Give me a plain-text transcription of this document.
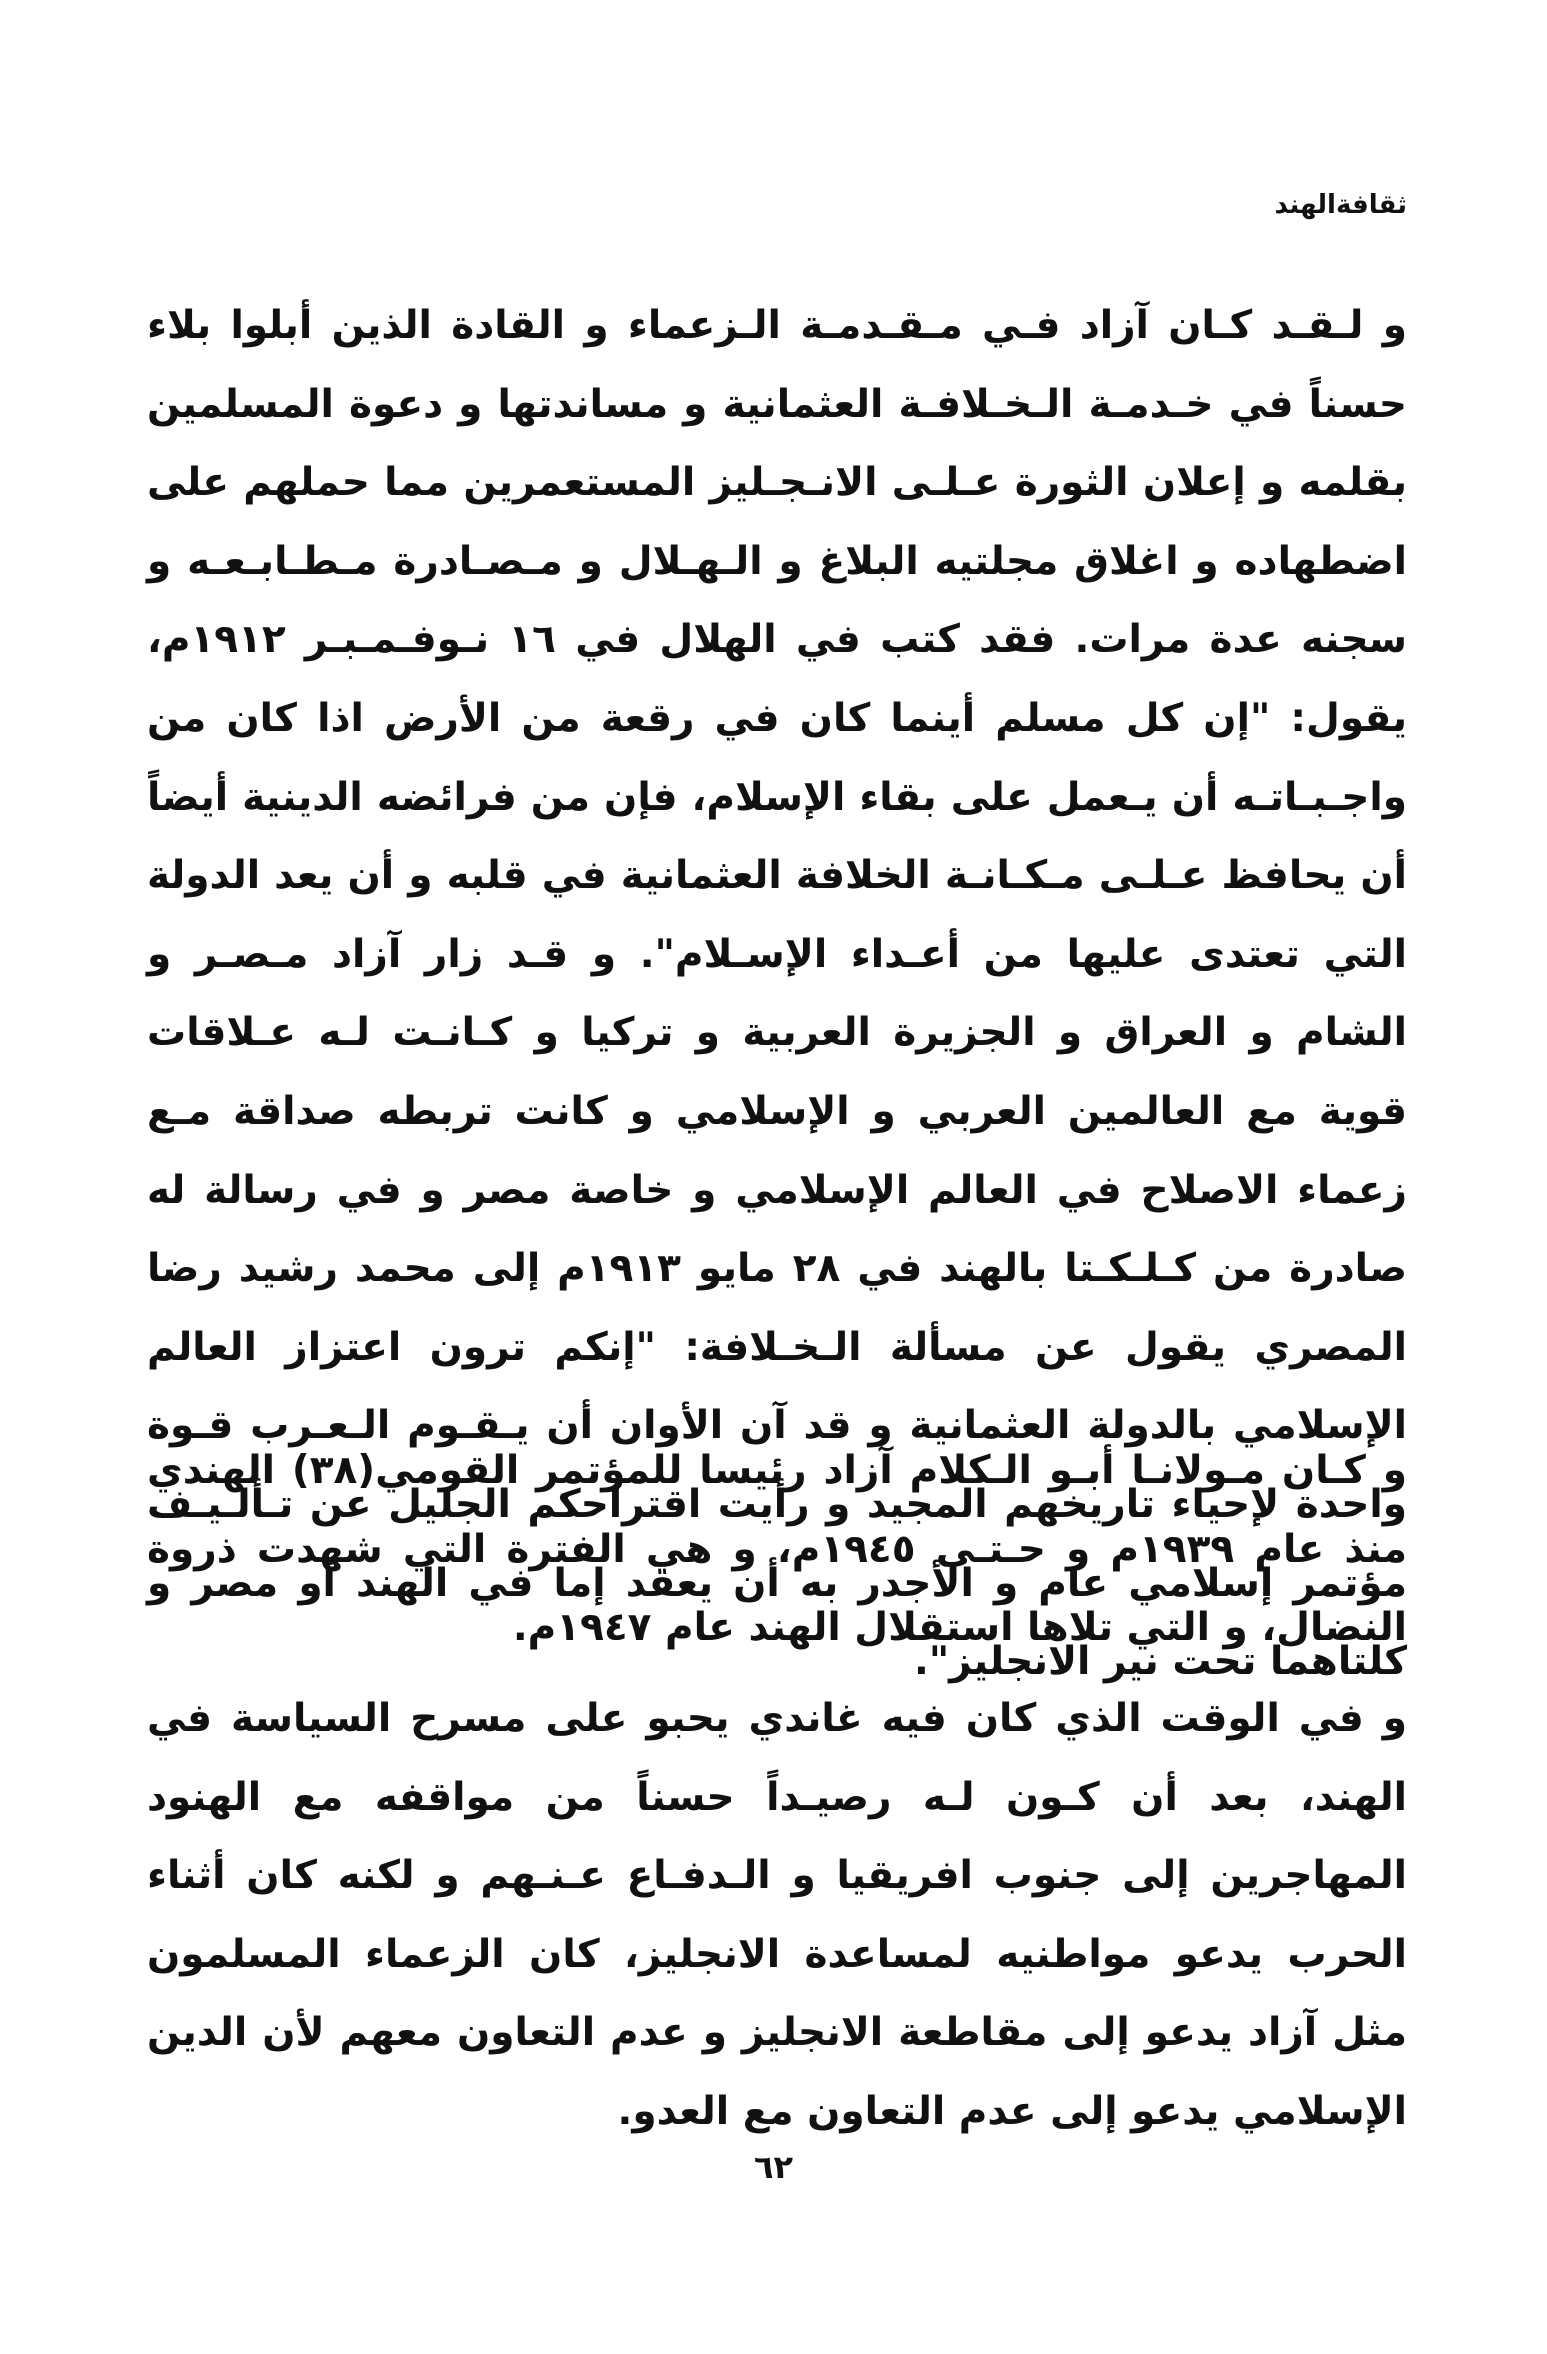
ثقافةالهند

و لـقـد كـان آزاد فـي مـقـدمـة الـزعماء و القادة الذين أبلوا بلاء حسناً في خـدمـة الـخـلافـة العثمانية و مساندتها و دعوة المسلمين بقلمه و إعلان الثورة عـلـى الانـجـليز المستعمرين مما حملهم على اضطهاده و اغلاق مجلتيه البلاغ و الـهـلال و مـصـادرة مـطـابـعـه و سجنه عدة مرات. فقد كتب في الهلال في ١٦ نـوفـمـبـر ١٩١٢م، يقول: "إن كل مسلم أينما كان في رقعة من الأرض اذا كان من واجـبـاتـه أن يـعمل على بقاء الإسلام، فإن من فرائضه الدينية أيضاً أن يحافظ عـلـى مـكـانـة الخلافة العثمانية في قلبه و أن يعد الدولة التي تعتدى عليها من أعـداء الإسـلام". و قـد زار آزاد مـصـر و الشام و العراق و الجزيرة العربية و تركيا و كـانـت لـه عـلاقات قوية مع العالمين العربي و الإسلامي و كانت تربطه صداقة مـع زعماء الاصلاح في العالم الإسلامي و خاصة مصر و في رسالة له صادرة من كـلـكـتا بالهند في ٢٨ مايو ١٩١٣م إلى محمد رشيد رضا المصري يقول عن مسألة الـخـلافة: "إنكم ترون اعتزاز العالم الإسلامي بالدولة العثمانية و قد آن الأوان أن يـقـوم الـعـرب قـوة واحدة لإحياء تاريخهم المجيد و رأيت اقتراحكم الجليل عن تـألـيـف مؤتمر إسلامي عام و الأجدر به أن يعقد إما في الهند أو مصر و كلتاهما تحت نير الانجليز".

و كـان مـولانـا أبـو الـكلام آزاد رئيسا للمؤتمر القومي(٣٨) الهندي منذ عام ١٩٣٩م و حـتـى ١٩٤٥م، و هي الفترة التي شهدت ذروة النضال، و التي تلاها استقلال الهند عام ١٩٤٧م.

و في الوقت الذي كان فيه غاندي يحبو على مسرح السياسة في الهند، بعد أن كـون لـه رصيـداً حسناً من مواقفه مع الهنود المهاجرين إلى جنوب افريقيا و الـدفـاع عـنـهم و لكنه كان أثناء الحرب يدعو مواطنيه لمساعدة الانجليز، كان الزعماء المسلمون مثل آزاد يدعو إلى مقاطعة الانجليز و عدم التعاون معهم لأن الدين الإسلامي يدعو إلى عدم التعاون مع العدو.

٦٢
